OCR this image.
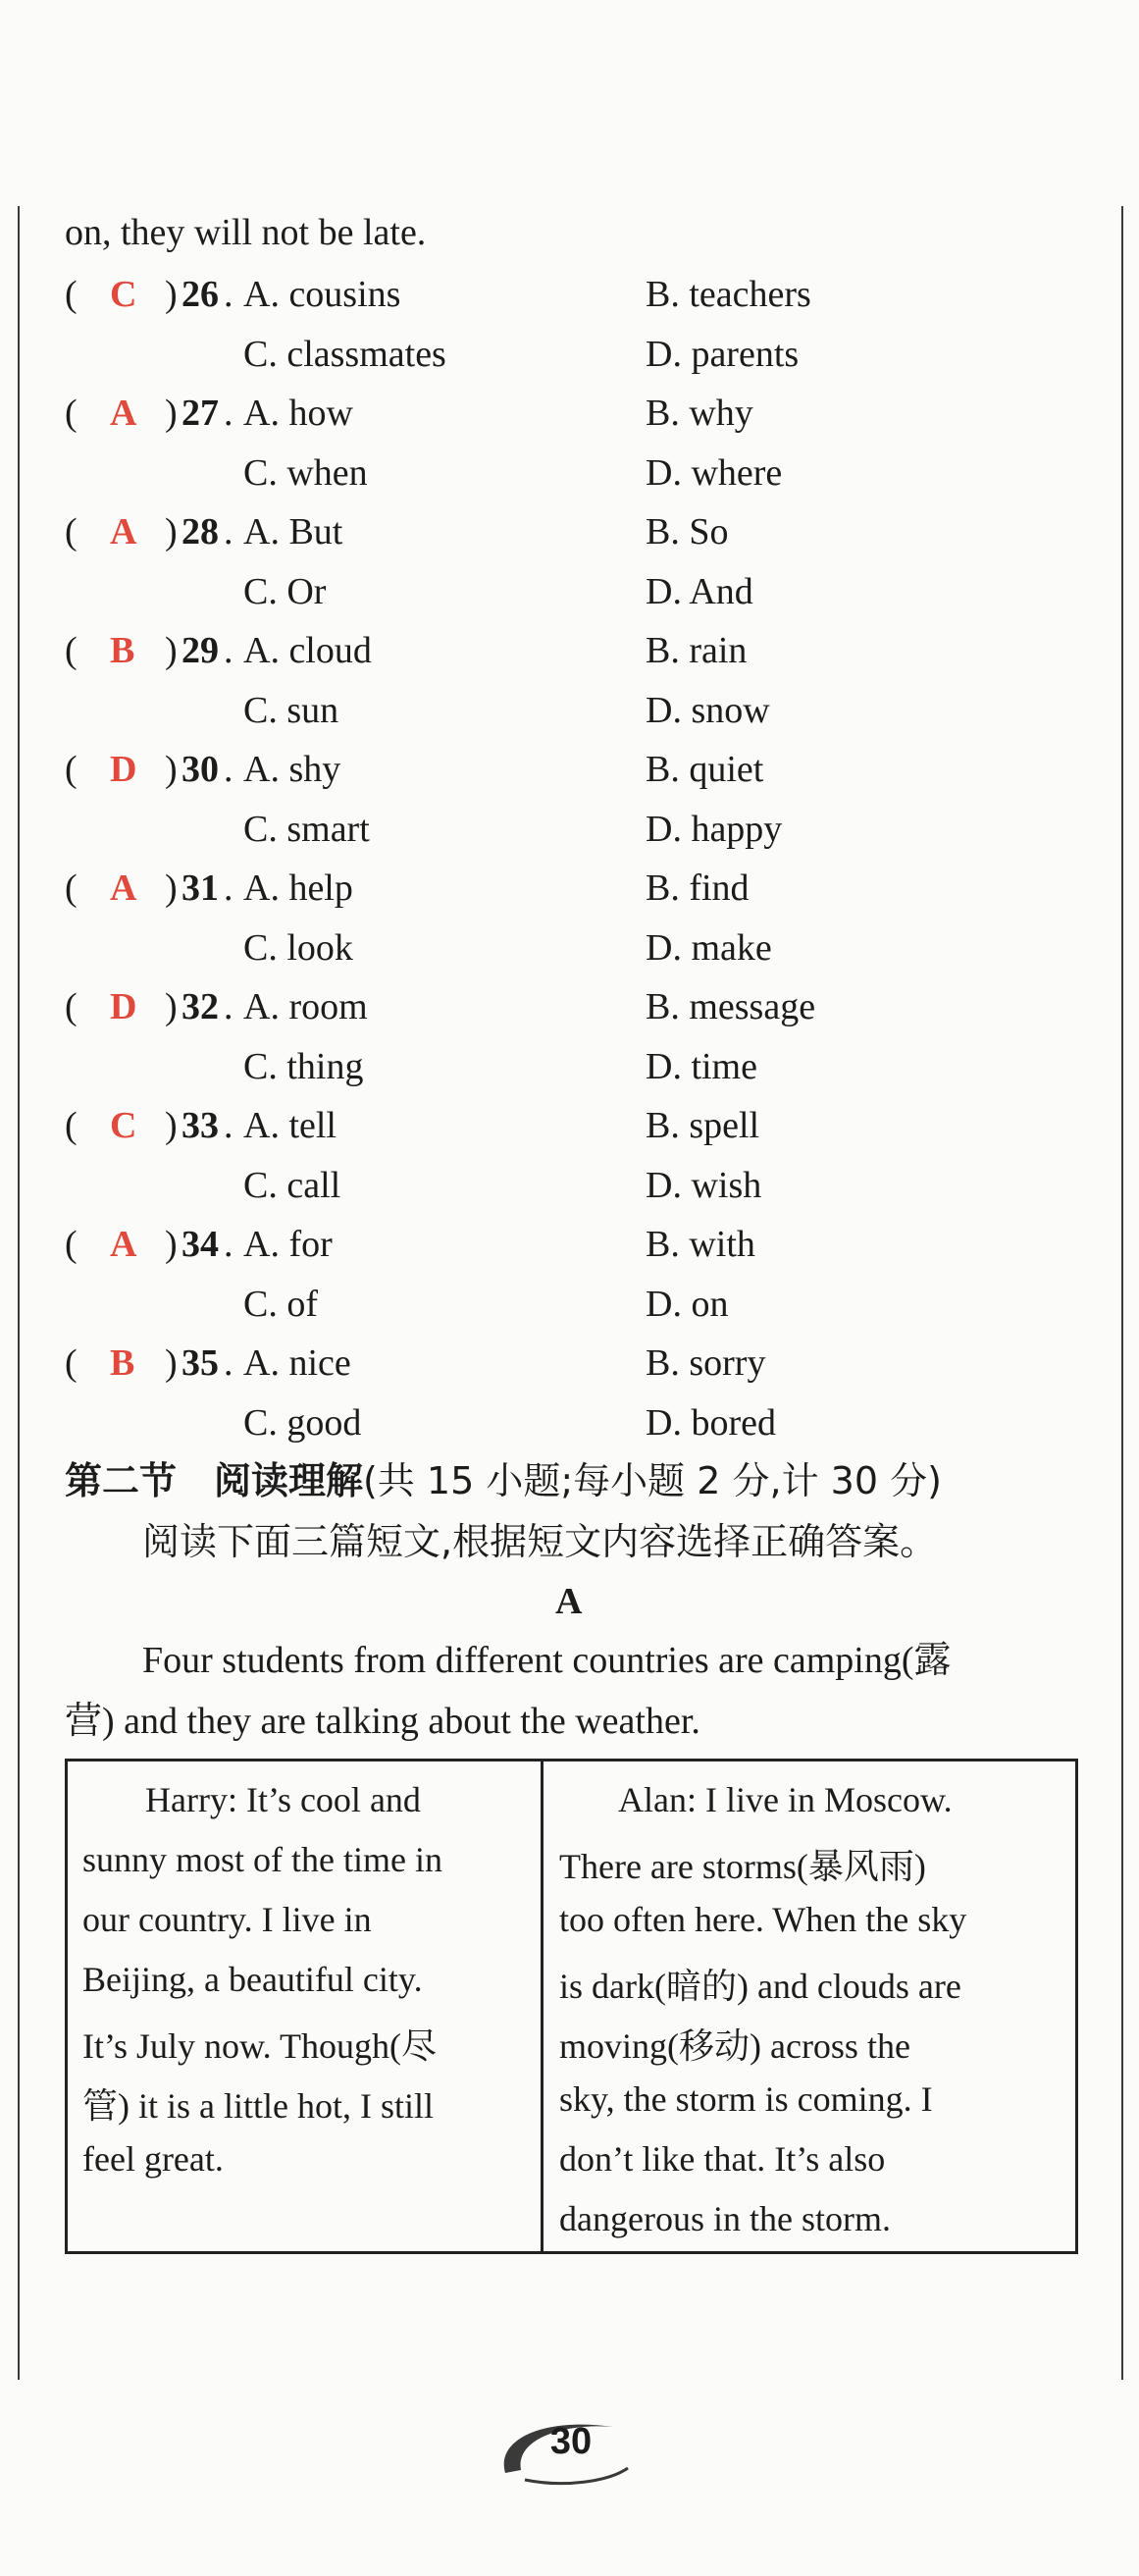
on, they will not be late.
( C ) 26 . A. cousins	B. teachers
C. classmates	D. parents
( A ) 27 . A. how	B. why
C. when	D. where
( A ) 28 . A. But	B. So
C. Or	D. And
( B ) 29 . A. cloud	B. rain
C. sun	D. snow
( D ) 30 . A. shy	B. quiet
C. smart	D. happy
( A ) 31 . A. help	B. find
C. look	D. make
( D ) 32 . A. room	B. message
C. thing	D. time
( C ) 33 . A. tell	B. spell
C. call	D. wish
( A ) 34 . A. for	B. with
C. of	D. on
( B ) 35 . A. nice	B. sorry
C. good	D. bored
第二节　阅读理解(共 15 小题;每小题 2 分,计 30 分)
阅读下面三篇短文,根据短文内容选择正确答案。
A
Four students from different countries are camping(露
营) and they are talking about the weather.
Harry: It’s cool and
sunny most of the time in
our country. I live in
Beijing, a beautiful city.
It’s July now. Though(尽
管) it is a little hot, I still
feel great.
Alan: I live in Moscow.
There are storms(暴风雨)
too often here. When the sky
is dark(暗的) and clouds are
moving(移动) across the
sky, the storm is coming. I
don’t like that. It’s also
dangerous in the storm.
30
